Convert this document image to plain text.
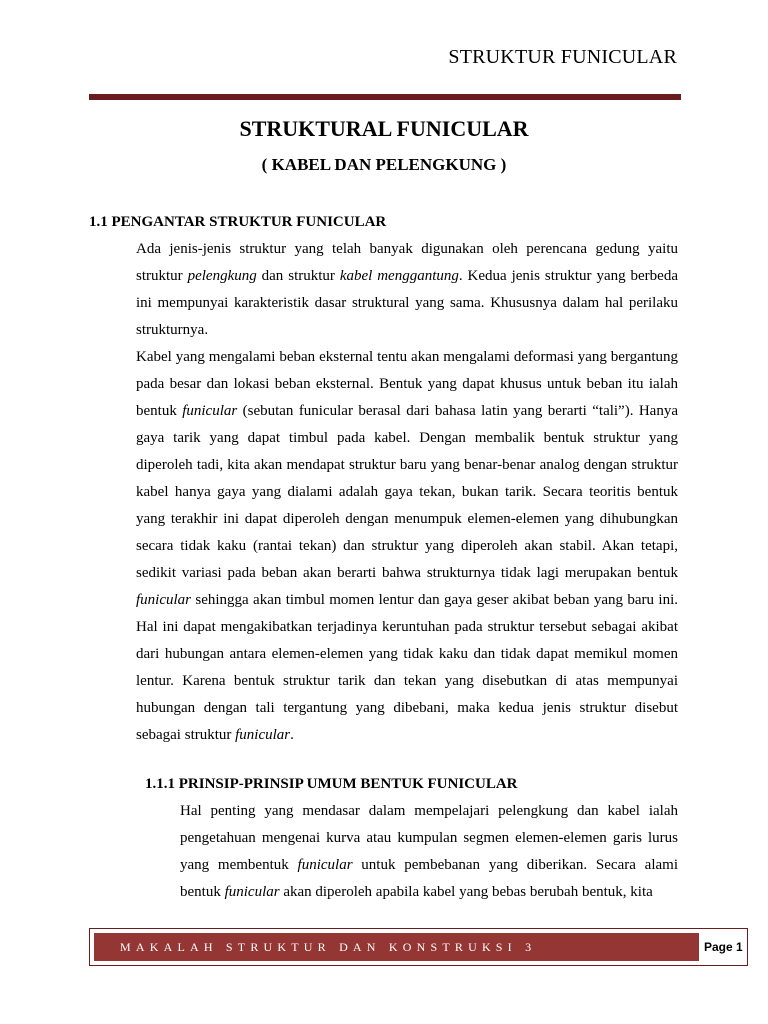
STRUKTUR FUNICULAR
STRUKTURAL FUNICULAR
( KABEL DAN PELENGKUNG )
1.1 PENGANTAR STRUKTUR FUNICULAR

Ada jenis-jenis struktur yang telah banyak digunakan oleh perencana gedung yaitu struktur pelengkung dan struktur kabel menggantung. Kedua jenis struktur yang berbeda ini mempunyai karakteristik dasar struktural yang sama. Khususnya dalam hal perilaku strukturnya.

Kabel yang mengalami beban eksternal tentu akan mengalami deformasi yang bergantung pada besar dan lokasi beban eksternal. Bentuk yang dapat khusus untuk beban itu ialah bentuk funicular (sebutan funicular berasal dari bahasa latin yang berarti “tali”). Hanya gaya tarik yang dapat timbul pada kabel. Dengan membalik bentuk struktur yang diperoleh tadi, kita akan mendapat struktur baru yang benar-benar analog dengan struktur kabel hanya gaya yang dialami adalah gaya tekan, bukan tarik. Secara teoritis bentuk yang terakhir ini dapat diperoleh dengan menumpuk elemen-elemen yang dihubungkan secara tidak kaku (rantai tekan) dan struktur yang diperoleh akan stabil. Akan tetapi, sedikit variasi pada beban akan berarti bahwa strukturnya tidak lagi merupakan bentuk funicular sehingga akan timbul momen lentur dan gaya geser akibat beban yang baru ini. Hal ini dapat mengakibatkan terjadinya keruntuhan pada struktur tersebut sebagai akibat dari hubungan antara elemen-elemen yang tidak kaku dan tidak dapat memikul momen lentur. Karena bentuk struktur tarik dan tekan yang disebutkan di atas mempunyai hubungan dengan tali tergantung yang dibebani, maka kedua jenis struktur disebut sebagai struktur funicular.

1.1.1 PRINSIP-PRINSIP UMUM BENTUK FUNICULAR

Hal penting yang mendasar dalam mempelajari pelengkung dan kabel ialah pengetahuan mengenai kurva atau kumpulan segmen elemen-elemen garis lurus yang membentuk funicular untuk pembebanan yang diberikan. Secara alami bentuk funicular akan diperoleh apabila kabel yang bebas berubah bentuk, kita

MAKALAH STRUKTUR DAN KONSTRUKSI 3	Page 1
